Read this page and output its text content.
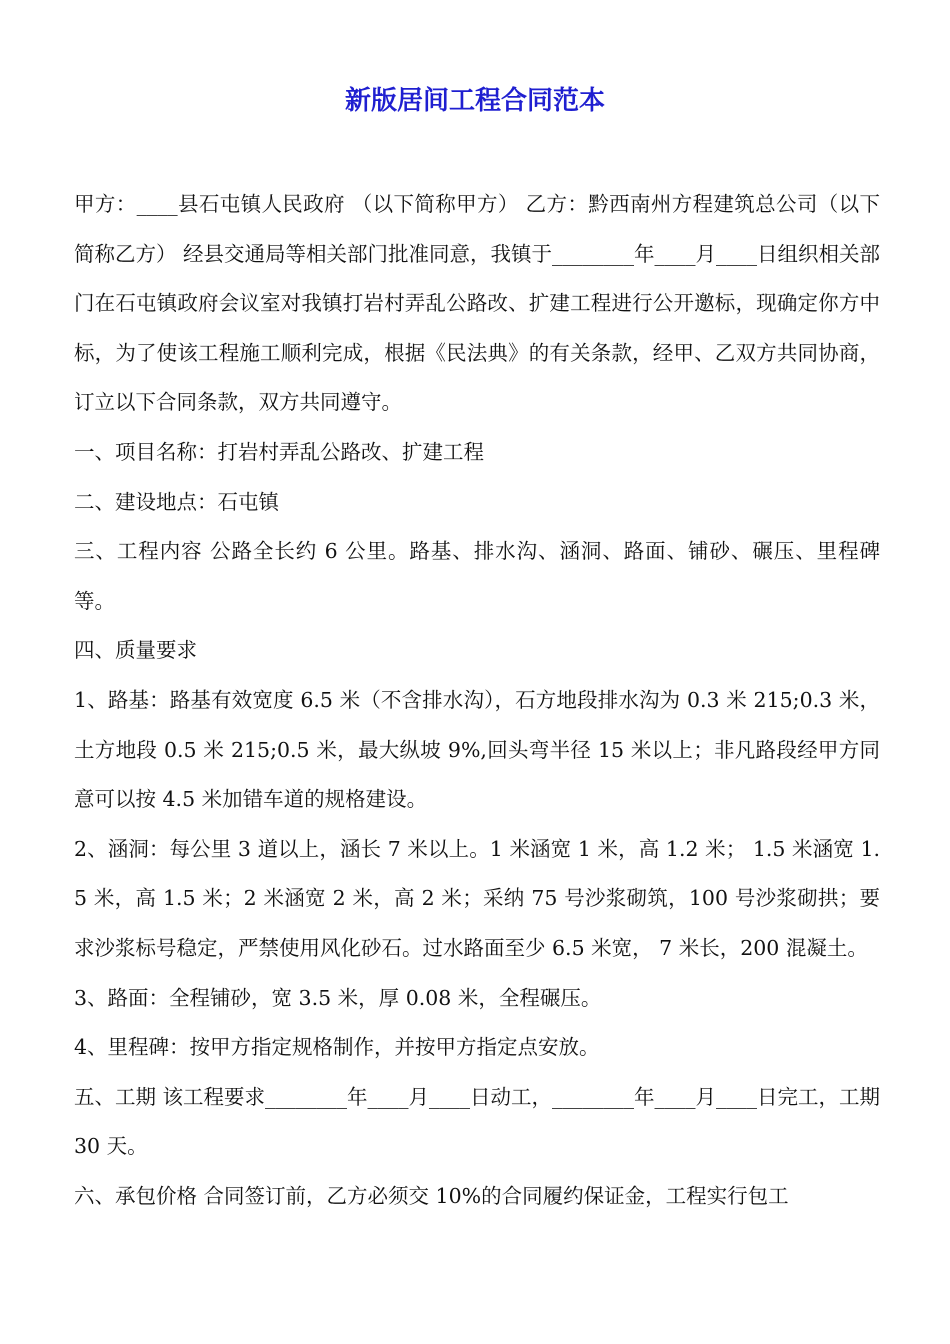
新版居间工程合同范本

甲方：____县石屯镇人民政府 （以下简称甲方） 乙方：黔西南州方程建筑总公司（以下简称乙方） 经县交通局等相关部门批准同意，我镇于________年____月____日组织相关部门在石屯镇政府会议室对我镇打岩村弄乱公路改、扩建工程进行公开邀标，现确定你方中标，为了使该工程施工顺利完成，根据《民法典》的有关条款，经甲、乙双方共同协商，订立以下合同条款，双方共同遵守。

一、项目名称：打岩村弄乱公路改、扩建工程

二、建设地点：石屯镇

三、工程内容 公路全长约 6 公里。路基、排水沟、涵洞、路面、铺砂、碾压、里程碑等。

四、质量要求

1、路基：路基有效宽度 6.5 米（不含排水沟），石方地段排水沟为 0.3 米 215;0.3 米，土方地段 0.5 米 215;0.5 米，最大纵坡 9%,回头弯半径 15 米以上；非凡路段经甲方同意可以按 4.5 米加错车道的规格建设。

2、涵洞：每公里 3 道以上，涵长 7 米以上。1 米涵宽 1 米，高 1.2 米； 1.5 米涵宽 1.5 米，高 1.5 米；2 米涵宽 2 米，高 2 米；采纳 75 号沙浆砌筑，100 号沙浆砌拱；要求沙浆标号稳定，严禁使用风化砂石。过水路面至少 6.5 米宽， 7 米长，200 混凝土。

3、路面：全程铺砂，宽 3.5 米，厚 0.08 米，全程碾压。

4、里程碑：按甲方指定规格制作，并按甲方指定点安放。

五、工期 该工程要求________年____月____日动工，________年____月____日完工，工期30 天。

六、承包价格 合同签订前，乙方必须交 10%的合同履约保证金，工程实行包工
